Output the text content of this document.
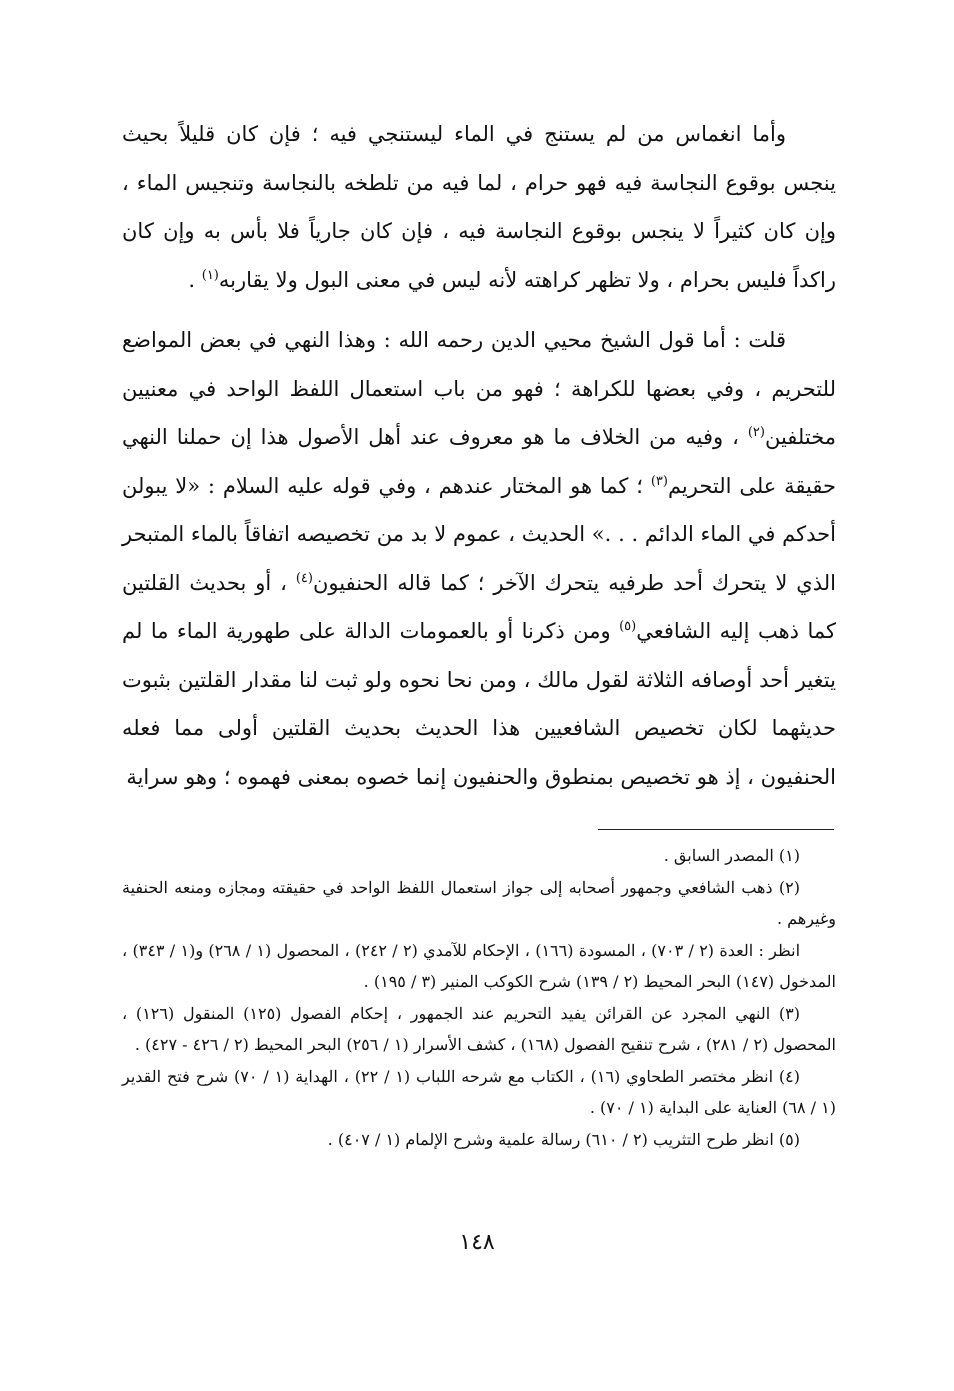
وأما انغماس من لم يستنج في الماء ليستنجي فيه ؛ فإن كان قليلاً بحيث ينجس بوقوع النجاسة فيه فهو حرام ، لما فيه من تلطخه بالنجاسة وتنجيس الماء ، وإن كان كثيراً لا ينجس بوقوع النجاسة فيه ، فإن كان جارياً فلا بأس به وإن كان راكداً فليس بحرام ، ولا تظهر كراهته لأنه ليس في معنى البول ولا يقاربه$^{(١)}$ .

قلت : أما قول الشيخ محيي الدين رحمه الله : وهذا النهي في بعض المواضع للتحريم ، وفي بعضها للكراهة ؛ فهو من باب استعمال اللفظ الواحد في معنيين مختلفين$^{(٢)}$ ، وفيه من الخلاف ما هو معروف عند أهل الأصول هذا إن حملنا النهي حقيقة على التحريم$^{(٣)}$ ؛ كما هو المختار عندهم ، وفي قوله عليه السلام : «لا يبولن أحدكم في الماء الدائم . . .» الحديث ، عموم لا بد من تخصيصه اتفاقاً بالماء المتبحر الذي لا يتحرك أحد طرفيه يتحرك الآخر ؛ كما قاله الحنفيون$^{(٤)}$ ، أو بحديث القلتين كما ذهب إليه الشافعي$^{(٥)}$ ومن ذكرنا أو بالعمومات الدالة على طهورية الماء ما لم يتغير أحد أوصافه الثلاثة لقول مالك ، ومن نحا نحوه ولو ثبت لنا مقدار القلتين بثبوت حديثهما لكان تخصيص الشافعيين هذا الحديث بحديث القلتين أولى مما فعله الحنفيون ، إذ هو تخصيص بمنطوق والحنفيون إنما خصوه بمعنى فهموه ؛ وهو سراية

(١) المصدر السابق .

(٢) ذهب الشافعي وجمهور أصحابه إلى جواز استعمال اللفظ الواحد في حقيقته ومجازه ومنعه الحنفية وغيرهم .

انظر : العدة (٢ / ٧٠٣) ، المسودة (١٦٦) ، الإحكام للآمدي (٢ / ٢٤٢) ، المحصول (١ / ٢٦٨) و(١ / ٣٤٣) ، المدخول (١٤٧) البحر المحيط (٢ / ١٣٩) شرح الكوكب المنير (٣ / ١٩٥) .

(٣) النهي المجرد عن القرائن يفيد التحريم عند الجمهور ، إحكام الفصول (١٢٥) المنقول (١٢٦) ، المحصول (٢ / ٢٨١) ، شرح تنقيح الفصول (١٦٨) ، كشف الأسرار (١ / ٢٥٦) البحر المحيط (٢ / ٤٢٦ - ٤٢٧) .

(٤) انظر مختصر الطحاوي (١٦) ، الكتاب مع شرحه اللباب (١ / ٢٢) ، الهداية (١ / ٧٠) شرح فتح القدير (١ / ٦٨) العناية على البداية (١ / ٧٠) .

(٥) انظر طرح التثريب (٢ / ٦١٠) رسالة علمية وشرح الإلمام (١ / ٤٠٧) .

١٤٨
